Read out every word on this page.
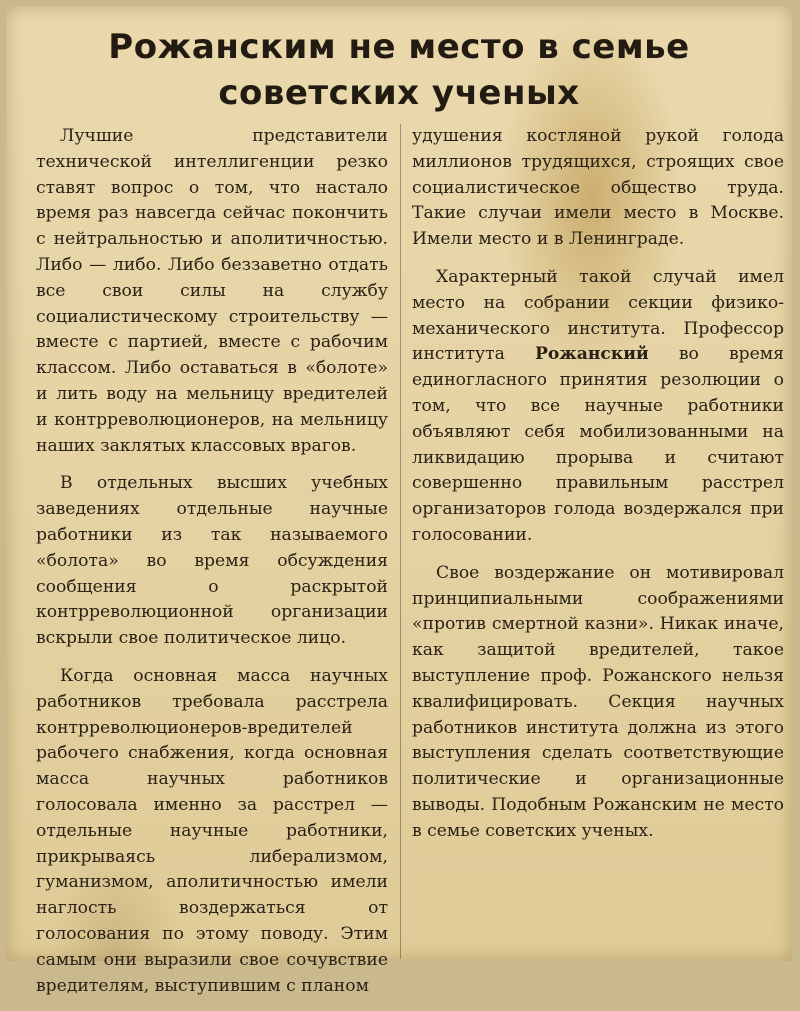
Рожанским не место в семье
советских ученых

Лучшие представители технической интеллигенции резко ставят вопрос о том, что настало время раз навсегда сейчас покончить с нейтральностью и аполитичностью. Либо — либо. Либо беззаветно отдать все свои силы на службу социалистическому строительству — вместе с партией, вместе с рабочим классом. Либо оставаться в «болоте» и лить воду на мельницу вредителей и контрреволюционеров, на мельницу наших заклятых классовых врагов.

В отдельных высших учебных заведениях отдельные научные работники из так называемого «болота» во время обсуждения сообщения о раскрытой контрреволюционной организации вскрыли свое политическое лицо.

Когда основная масса научных работников требовала расстрела контрреволюционеров-вредителей рабочего снабжения, когда основная масса научных работников голосовала именно за расстрел — отдельные научные работники, прикрываясь либерализмом, гуманизмом, аполитичностью имели наглость воздержаться от голосования по этому поводу. Этим самым они выразили свое сочувствие вредителям, выступившим с планом

удушения костляной рукой голода миллионов трудящихся, строящих свое социалистическое общество труда. Такие случаи имели место в Москве. Имели место и в Ленинграде.

Характерный такой случай имел место на собрании секции физико-механического института. Профессор института Рожанский во время единогласного принятия резолюции о том, что все научные работники объявляют себя мобилизованными на ликвидацию прорыва и считают совершенно правильным расстрел организаторов голода воздержался при голосовании.

Свое воздержание он мотивировал принципиальными соображениями «против смертной казни». Никак иначе, как защитой вредителей, такое выступление проф. Рожанского нельзя квалифицировать. Секция научных работников института должна из этого выступления сделать соответствующие политические и организационные выводы. Подобным Рожанским не место в семье советских ученых.
